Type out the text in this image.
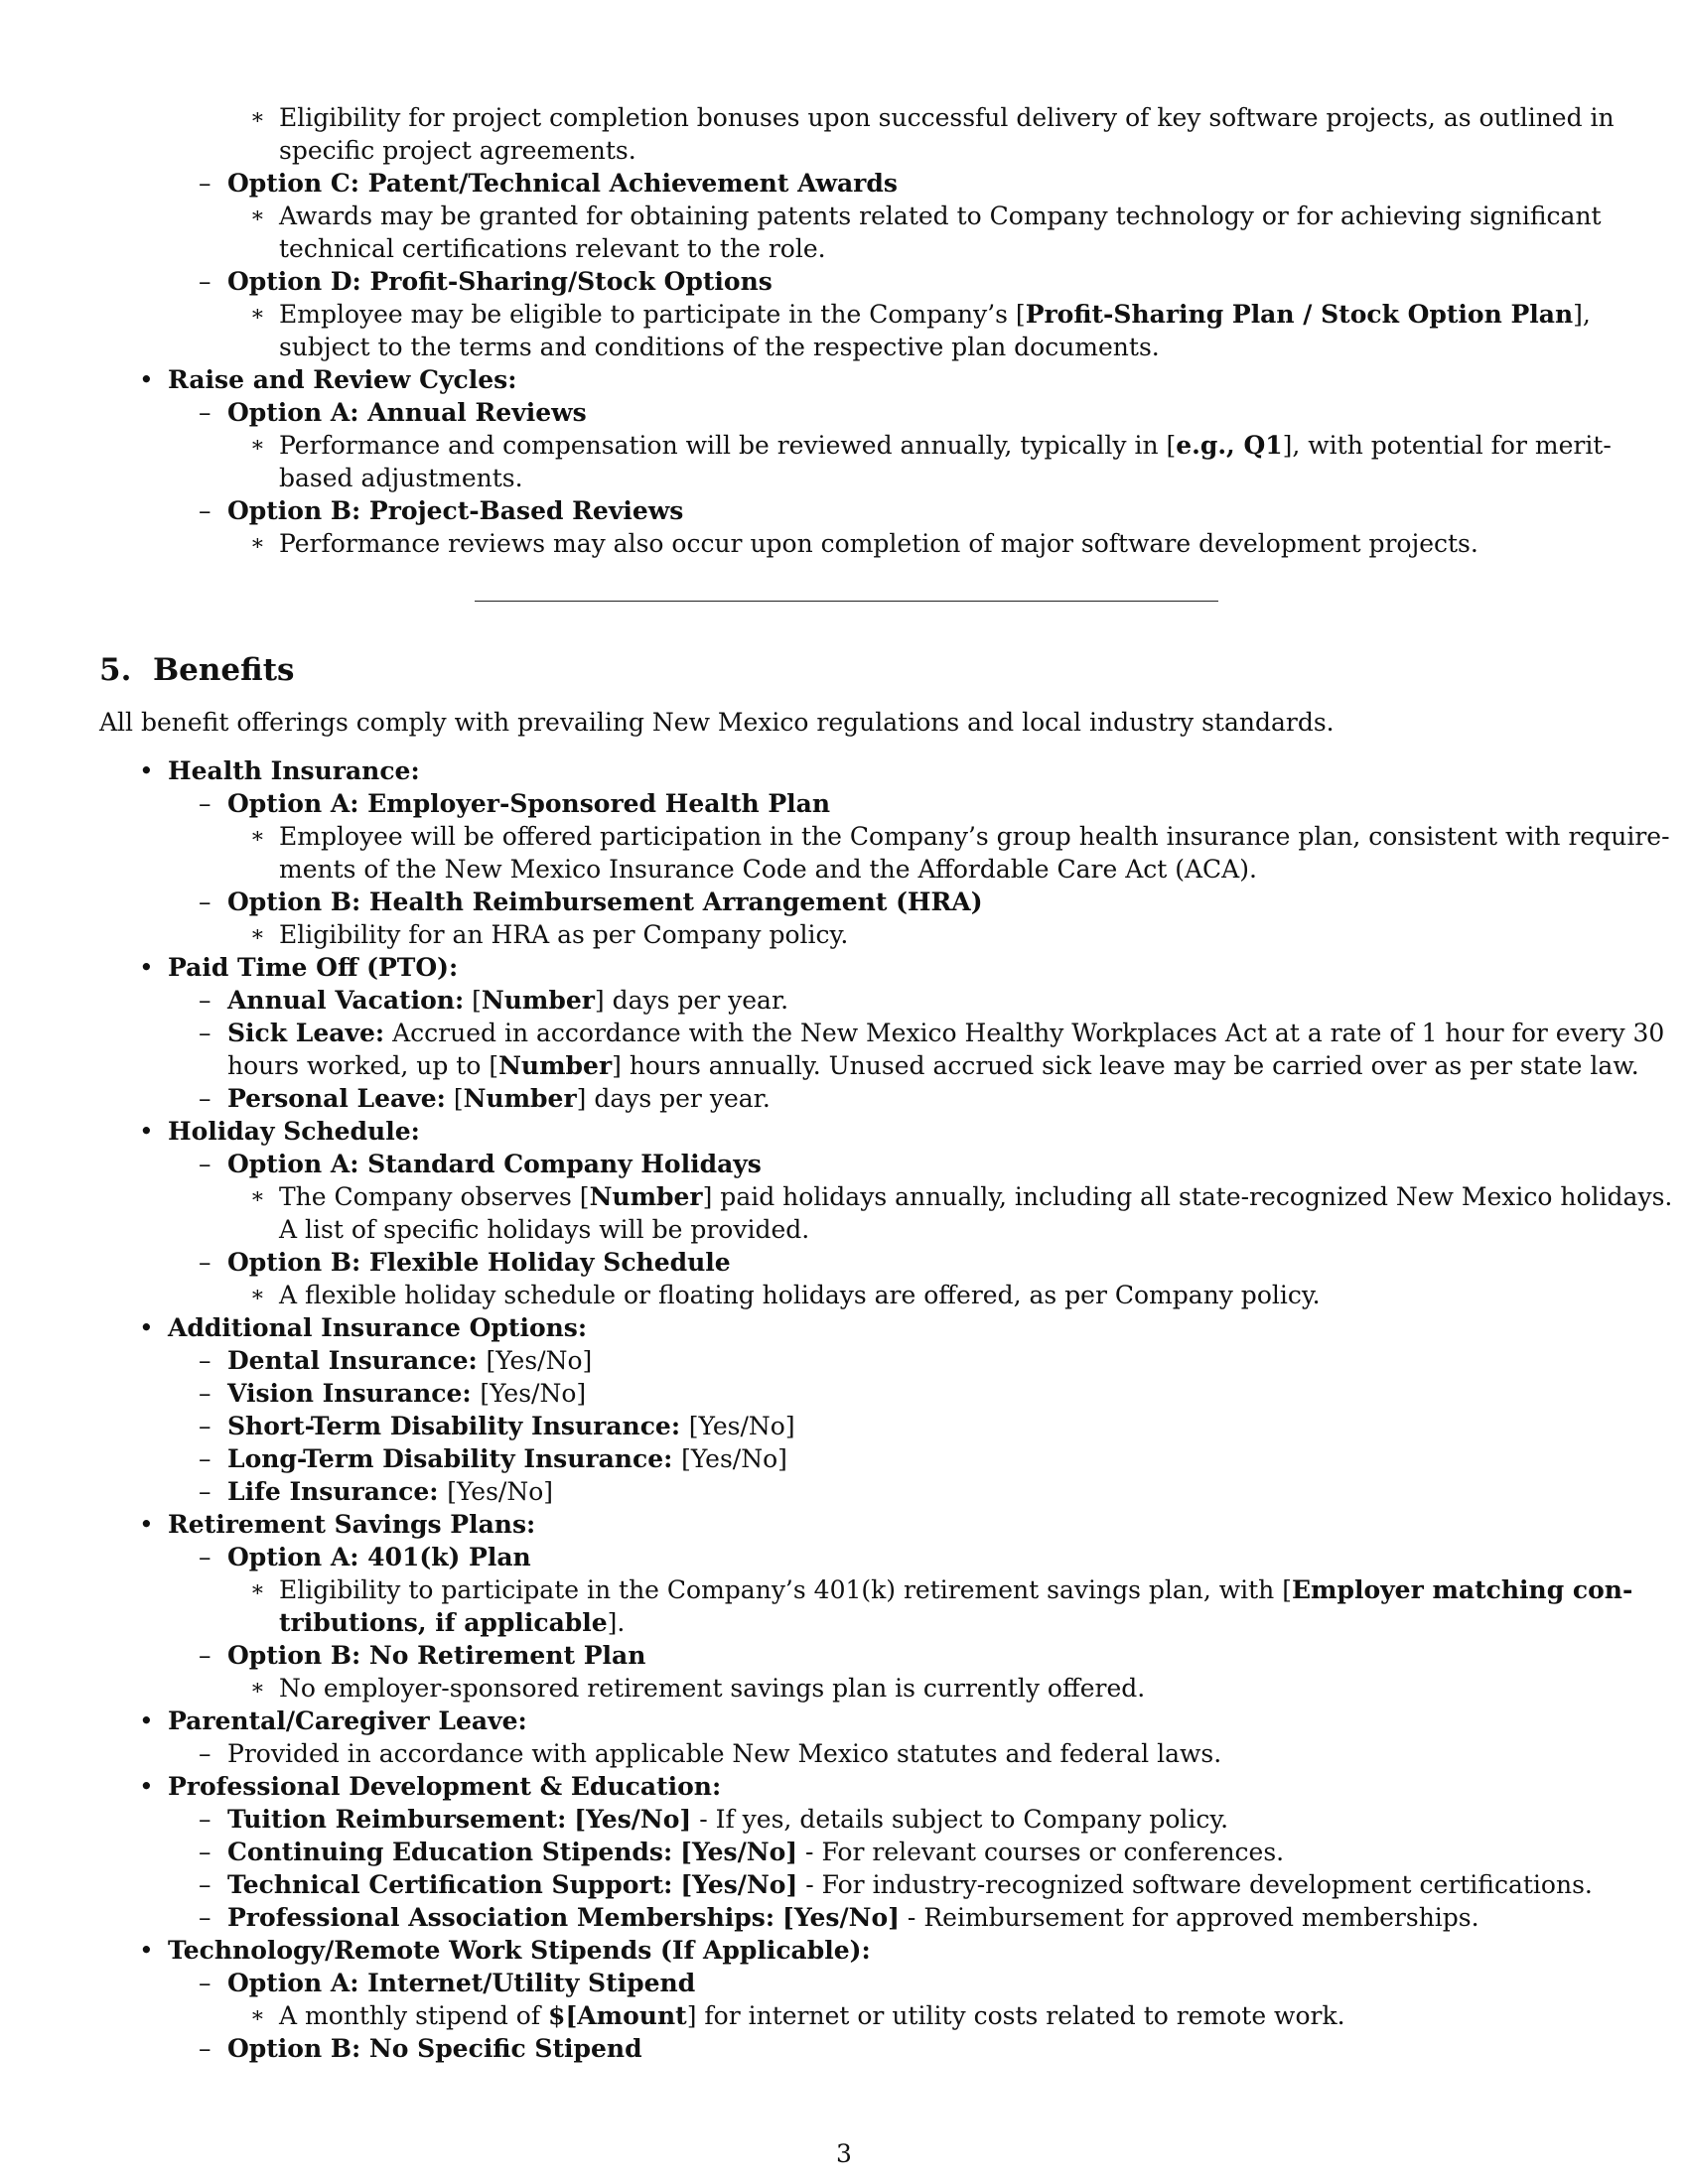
∗ Eligibility for project completion bonuses upon successful delivery of key software projects, as outlined in
specific project agreements.
– Option C: Patent/Technical Achievement Awards
∗ Awards may be granted for obtaining patents related to Company technology or for achieving significant
technical certifications relevant to the role.
– Option D: Profit-Sharing/Stock Options
∗ Employee may be eligible to participate in the Company’s [Profit-Sharing Plan / Stock Option Plan],
subject to the terms and conditions of the respective plan documents.
• Raise and Review Cycles:
– Option A: Annual Reviews
∗ Performance and compensation will be reviewed annually, typically in [e.g., Q1], with potential for merit-
based adjustments.
– Option B: Project-Based Reviews
∗ Performance reviews may also occur upon completion of major software development projects.
5. Benefits
All benefit offerings comply with prevailing New Mexico regulations and local industry standards.
• Health Insurance:
– Option A: Employer-Sponsored Health Plan
∗ Employee will be offered participation in the Company’s group health insurance plan, consistent with require-
ments of the New Mexico Insurance Code and the Affordable Care Act (ACA).
– Option B: Health Reimbursement Arrangement (HRA)
∗ Eligibility for an HRA as per Company policy.
• Paid Time Off (PTO):
– Annual Vacation: [Number] days per year.
– Sick Leave: Accrued in accordance with the New Mexico Healthy Workplaces Act at a rate of 1 hour for every 30
hours worked, up to [Number] hours annually. Unused accrued sick leave may be carried over as per state law.
– Personal Leave: [Number] days per year.
• Holiday Schedule:
– Option A: Standard Company Holidays
∗ The Company observes [Number] paid holidays annually, including all state-recognized New Mexico holidays.
A list of specific holidays will be provided.
– Option B: Flexible Holiday Schedule
∗ A flexible holiday schedule or floating holidays are offered, as per Company policy.
• Additional Insurance Options:
– Dental Insurance: [Yes/No]
– Vision Insurance: [Yes/No]
– Short-Term Disability Insurance: [Yes/No]
– Long-Term Disability Insurance: [Yes/No]
– Life Insurance: [Yes/No]
• Retirement Savings Plans:
– Option A: 401(k) Plan
∗ Eligibility to participate in the Company’s 401(k) retirement savings plan, with [Employer matching con-
tributions, if applicable].
– Option B: No Retirement Plan
∗ No employer-sponsored retirement savings plan is currently offered.
• Parental/Caregiver Leave:
– Provided in accordance with applicable New Mexico statutes and federal laws.
• Professional Development & Education:
– Tuition Reimbursement: [Yes/No] - If yes, details subject to Company policy.
– Continuing Education Stipends: [Yes/No] - For relevant courses or conferences.
– Technical Certification Support: [Yes/No] - For industry-recognized software development certifications.
– Professional Association Memberships: [Yes/No] - Reimbursement for approved memberships.
• Technology/Remote Work Stipends (If Applicable):
– Option A: Internet/Utility Stipend
∗ A monthly stipend of $[Amount] for internet or utility costs related to remote work.
– Option B: No Specific Stipend
3
